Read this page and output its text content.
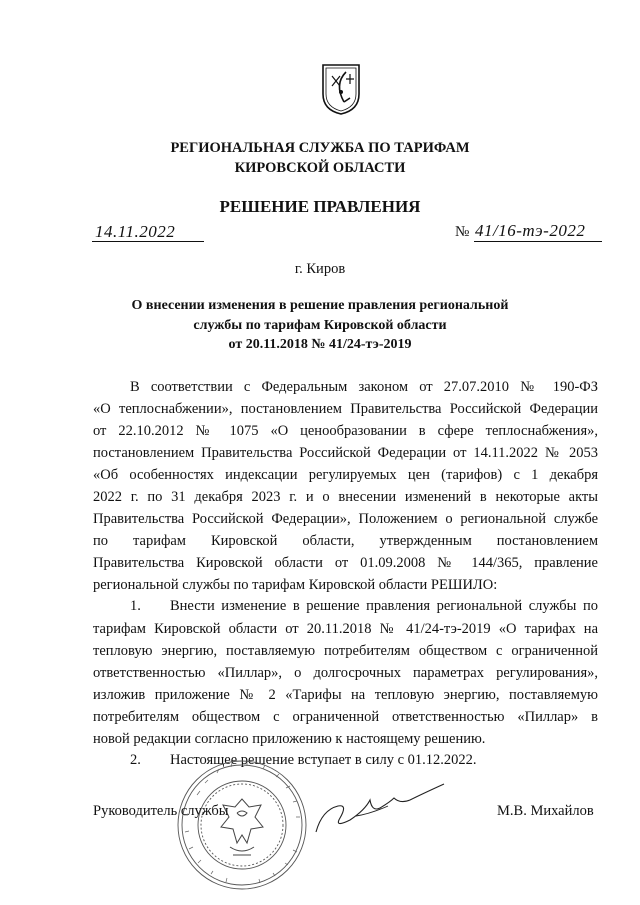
РЕГИОНАЛЬНАЯ СЛУЖБА ПО ТАРИФАМ
КИРОВСКОЙ ОБЛАСТИ
РЕШЕНИЕ ПРАВЛЕНИЯ
14.11.2022	№ 41/16-тэ-2022
г. Киров
О внесении изменения в решение правления региональной
службы по тарифам Кировской области
от 20.11.2018 № 41/24-тэ-2019
В соответствии с Федеральным законом от 27.07.2010 № 190-ФЗ
«О теплоснабжении», постановлением Правительства Российской Федерации
от 22.10.2012 № 1075 «О ценообразовании в сфере теплоснабжения»,
постановлением Правительства Российской Федерации от 14.11.2022 № 2053
«Об особенностях индексации регулируемых цен (тарифов) с 1 декабря
2022 г. по 31 декабря 2023 г. и о внесении изменений в некоторые акты
Правительства Российской Федерации», Положением о региональной службе
по тарифам Кировской области, утвержденным постановлением
Правительства Кировской области от 01.09.2008 № 144/365, правление
региональной службы по тарифам Кировской области РЕШИЛО:
1. Внести изменение в решение правления региональной службы по
тарифам Кировской области от 20.11.2018 № 41/24-тэ-2019 «О тарифах на
тепловую энергию, поставляемую потребителям обществом с ограниченной
ответственностью «Пиллар», о долгосрочных параметрах регулирования»,
изложив приложение № 2 «Тарифы на тепловую энергию, поставляемую
потребителям обществом с ограниченной ответственностью «Пиллар» в
новой редакции согласно приложению к настоящему решению.
2. Настоящее решение вступает в силу с 01.12.2022.
Руководитель службы	М.В. Михайлов
